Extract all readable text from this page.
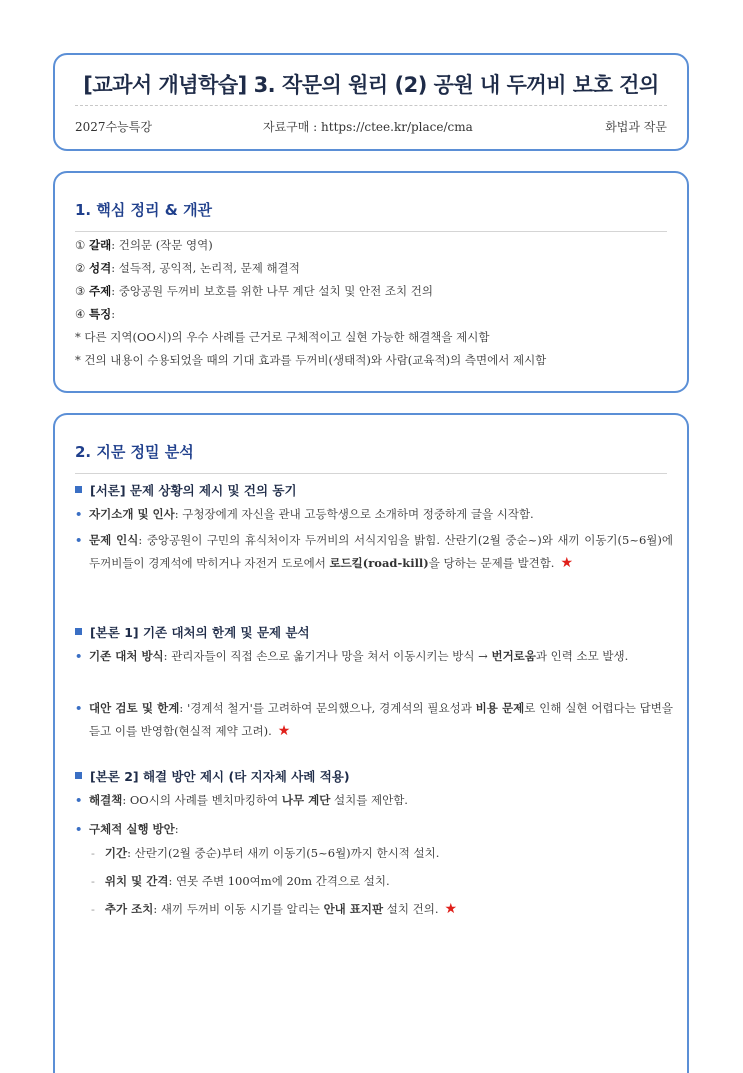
[교과서 개념학습] 3. 작문의 원리 (2) 공원 내 두꺼비 보호 건의
2027수능특강	자료구매 : https://ctee.kr/place/cma	화법과 작문
1. 핵심 정리 & 개관
① 갈래: 건의문 (작문 영역)
② 성격: 설득적, 공익적, 논리적, 문제 해결적
③ 주제: 중앙공원 두꺼비 보호를 위한 나무 계단 설치 및 안전 조치 건의
④ 특징:
* 다른 지역(OO시)의 우수 사례를 근거로 구체적이고 실현 가능한 해결책을 제시함
* 건의 내용이 수용되었을 때의 기대 효과를 두꺼비(생태적)와 사람(교육적)의 측면에서 제시함
2. 지문 정밀 분석
[서론] 문제 상황의 제시 및 건의 동기
• 자기소개 및 인사: 구청장에게 자신을 관내 고등학생으로 소개하며 정중하게 글을 시작함.
• 문제 인식: 중앙공원이 구민의 휴식처이자 두꺼비의 서식지임을 밝힘. 산란기(2월 중순~)와 새끼 이동기(5~6월)에 두꺼비들이 경계석에 막히거나 자전거 도로에서 로드킬(road-kill)을 당하는 문제를 발견함. ★
[본론 1] 기존 대처의 한계 및 문제 분석
• 기존 대처 방식: 관리자들이 직접 손으로 옮기거나 망을 쳐서 이동시키는 방식 → 번거로움과 인력 소모 발생.
• 대안 검토 및 한계: '경계석 철거'를 고려하여 문의했으나, 경계석의 필요성과 비용 문제로 인해 실현 어렵다는 답변을 듣고 이를 반영함(현실적 제약 고려). ★
[본론 2] 해결 방안 제시 (타 지자체 사례 적용)
• 해결책: OO시의 사례를 벤치마킹하여 나무 계단 설치를 제안함.
• 구체적 실행 방안:
- 기간: 산란기(2월 중순)부터 새끼 이동기(5~6월)까지 한시적 설치.
- 위치 및 간격: 연못 주변 100여m에 20m 간격으로 설치.
- 추가 조치: 새끼 두꺼비 이동 시기를 알리는 안내 표지판 설치 건의. ★
